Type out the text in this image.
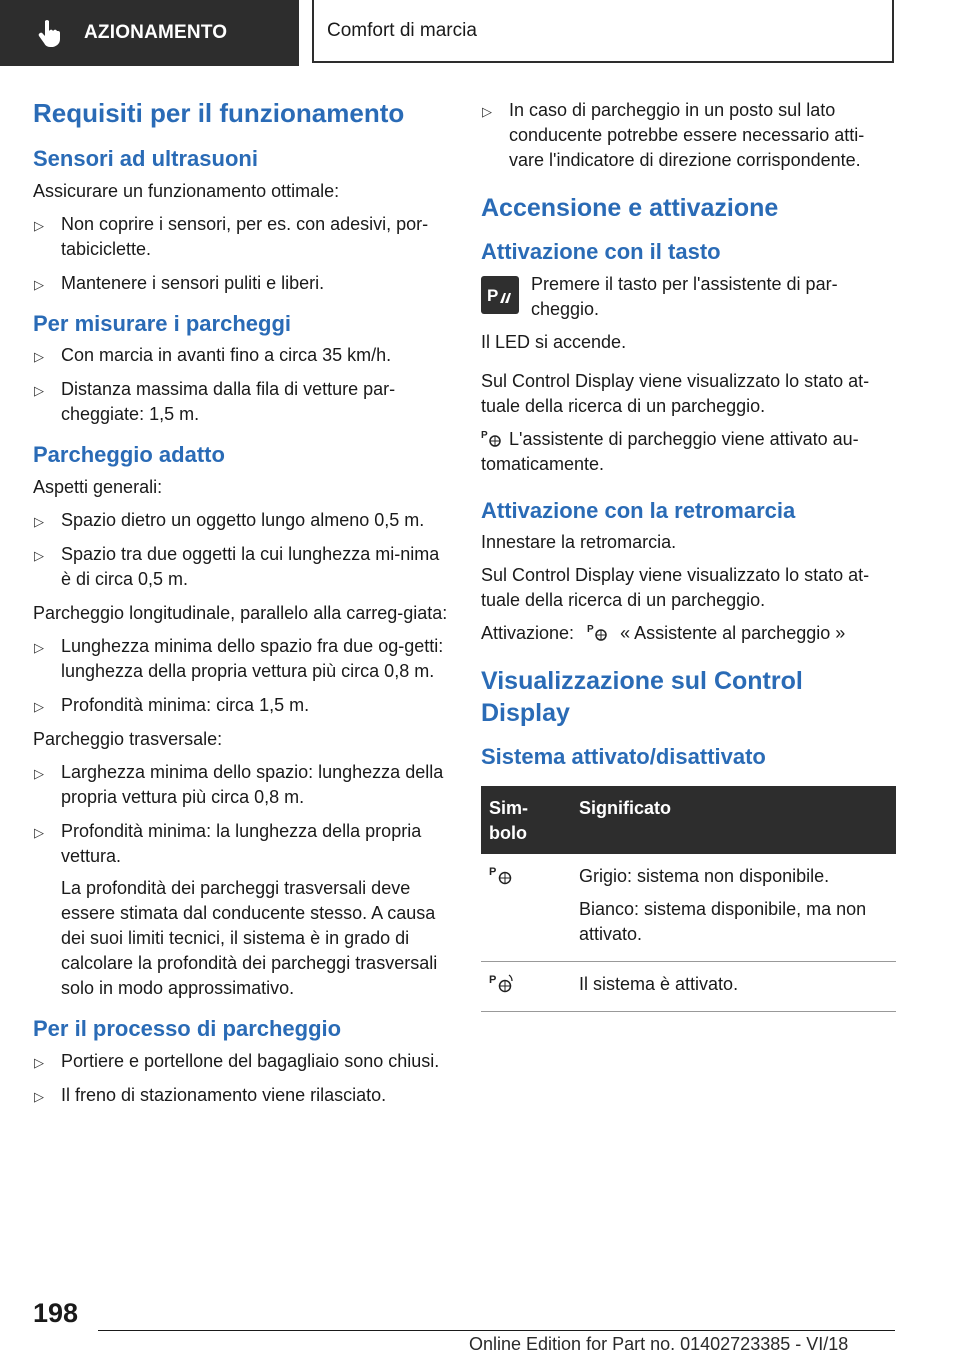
AZIONAMENTO	Comfort di marcia
Requisiti per il funzionamento
Sensori ad ultrasuoni

Assicurare un funzionamento ottimale:

▷ Non coprire i sensori, per es. con adesivi, por-tabiciclette.
▷ Mantenere i sensori puliti e liberi.
Per misurare i parcheggi
▷ Con marcia in avanti fino a circa 35 km/h.
▷ Distanza massima dalla fila di vetture par-cheggiate: 1,5 m.
Parcheggio adatto

Aspetti generali:

▷ Spazio dietro un oggetto lungo almeno 0,5 m.
▷ Spazio tra due oggetti la cui lunghezza mi-nima è di circa 0,5 m.

Parcheggio longitudinale, parallelo alla carreg-giata:

▷ Lunghezza minima dello spazio fra due og-getti: lunghezza della propria vettura più circa 0,8 m.
▷ Profondità minima: circa 1,5 m.

Parcheggio trasversale:

▷ Larghezza minima dello spazio: lunghezza della propria vettura più circa 0,8 m.
▷ Profondità minima: la lunghezza della propria vettura.
La profondità dei parcheggi trasversali deve essere stimata dal conducente stesso. A causa dei suoi limiti tecnici, il sistema è in grado di calcolare la profondità dei parcheggi trasversali solo in modo approssimativo.
Per il processo di parcheggio
▷ Portiere e portellone del bagagliaio sono chiusi.
▷ Il freno di stazionamento viene rilasciato.
▷ In caso di parcheggio in un posto sul lato conducente potrebbe essere necessario atti-vare l'indicatore di direzione corrispondente.
Accensione e attivazione
Attivazione con il tasto
P
Premere il tasto per l'assistente di par-cheggio.

Il LED si accende.

Sul Control Display viene visualizzato lo stato at-tuale della ricerca di un parcheggio.

P L'assistente di parcheggio viene attivato au-tomaticamente.

Attivazione con la retromarcia

Innestare la retromarcia.

Sul Control Display viene visualizzato lo stato at-tuale della ricerca di un parcheggio.

Attivazione: P « Assistente al parcheggio »

Visualizzazione sul Control Display
Sistema attivato/disattivato
Sim-bolo	Significato

P	Grigio: sistema non disponibile.

Bianco: sistema disponibile, ma non attivato.

P	Il sistema è attivato.

198
Online Edition for Part no. 01402723385 - VI/18
